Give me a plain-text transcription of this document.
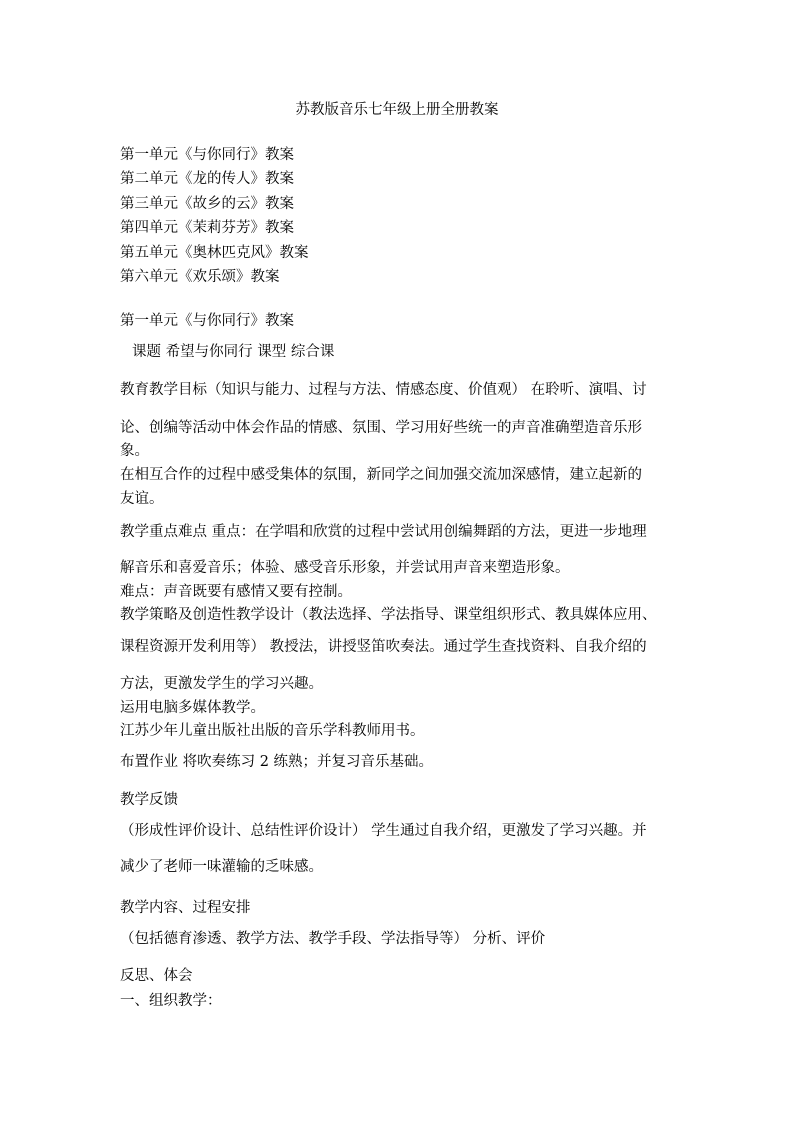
苏教版音乐七年级上册全册教案
第一单元《与你同行》教案
第二单元《龙的传人》教案
第三单元《故乡的云》教案
第四单元《茉莉芬芳》教案
第五单元《奥林匹克风》教案
第六单元《欢乐颂》教案
第一单元《与你同行》教案
课题 希望与你同行 课型 综合课
教育教学目标（知识与能力、过程与方法、情感态度、价值观） 在聆听、演唱、讨
论、创编等活动中体会作品的情感、氛围、学习用好些统一的声音准确塑造音乐形
象。
在相互合作的过程中感受集体的氛围，新同学之间加强交流加深感情，建立起新的
友谊。
教学重点难点 重点：在学唱和欣赏的过程中尝试用创编舞蹈的方法，更进一步地理
解音乐和喜爱音乐；体验、感受音乐形象，并尝试用声音来塑造形象。
难点：声音既要有感情又要有控制。
教学策略及创造性教学设计（教法选择、学法指导、课堂组织形式、教具媒体应用、
课程资源开发利用等） 教授法，讲授竖笛吹奏法。通过学生查找资料、自我介绍的
方法，更激发学生的学习兴趣。
运用电脑多媒体教学。
江苏少年儿童出版社出版的音乐学科教师用书。
布置作业 将吹奏练习 2 练熟；并复习音乐基础。
教学反馈
（形成性评价设计、总结性评价设计） 学生通过自我介绍，更激发了学习兴趣。并
减少了老师一味灌输的乏味感。
教学内容、过程安排
（包括德育渗透、教学方法、教学手段、学法指导等） 分析、评价
反思、体会
一、组织教学：
